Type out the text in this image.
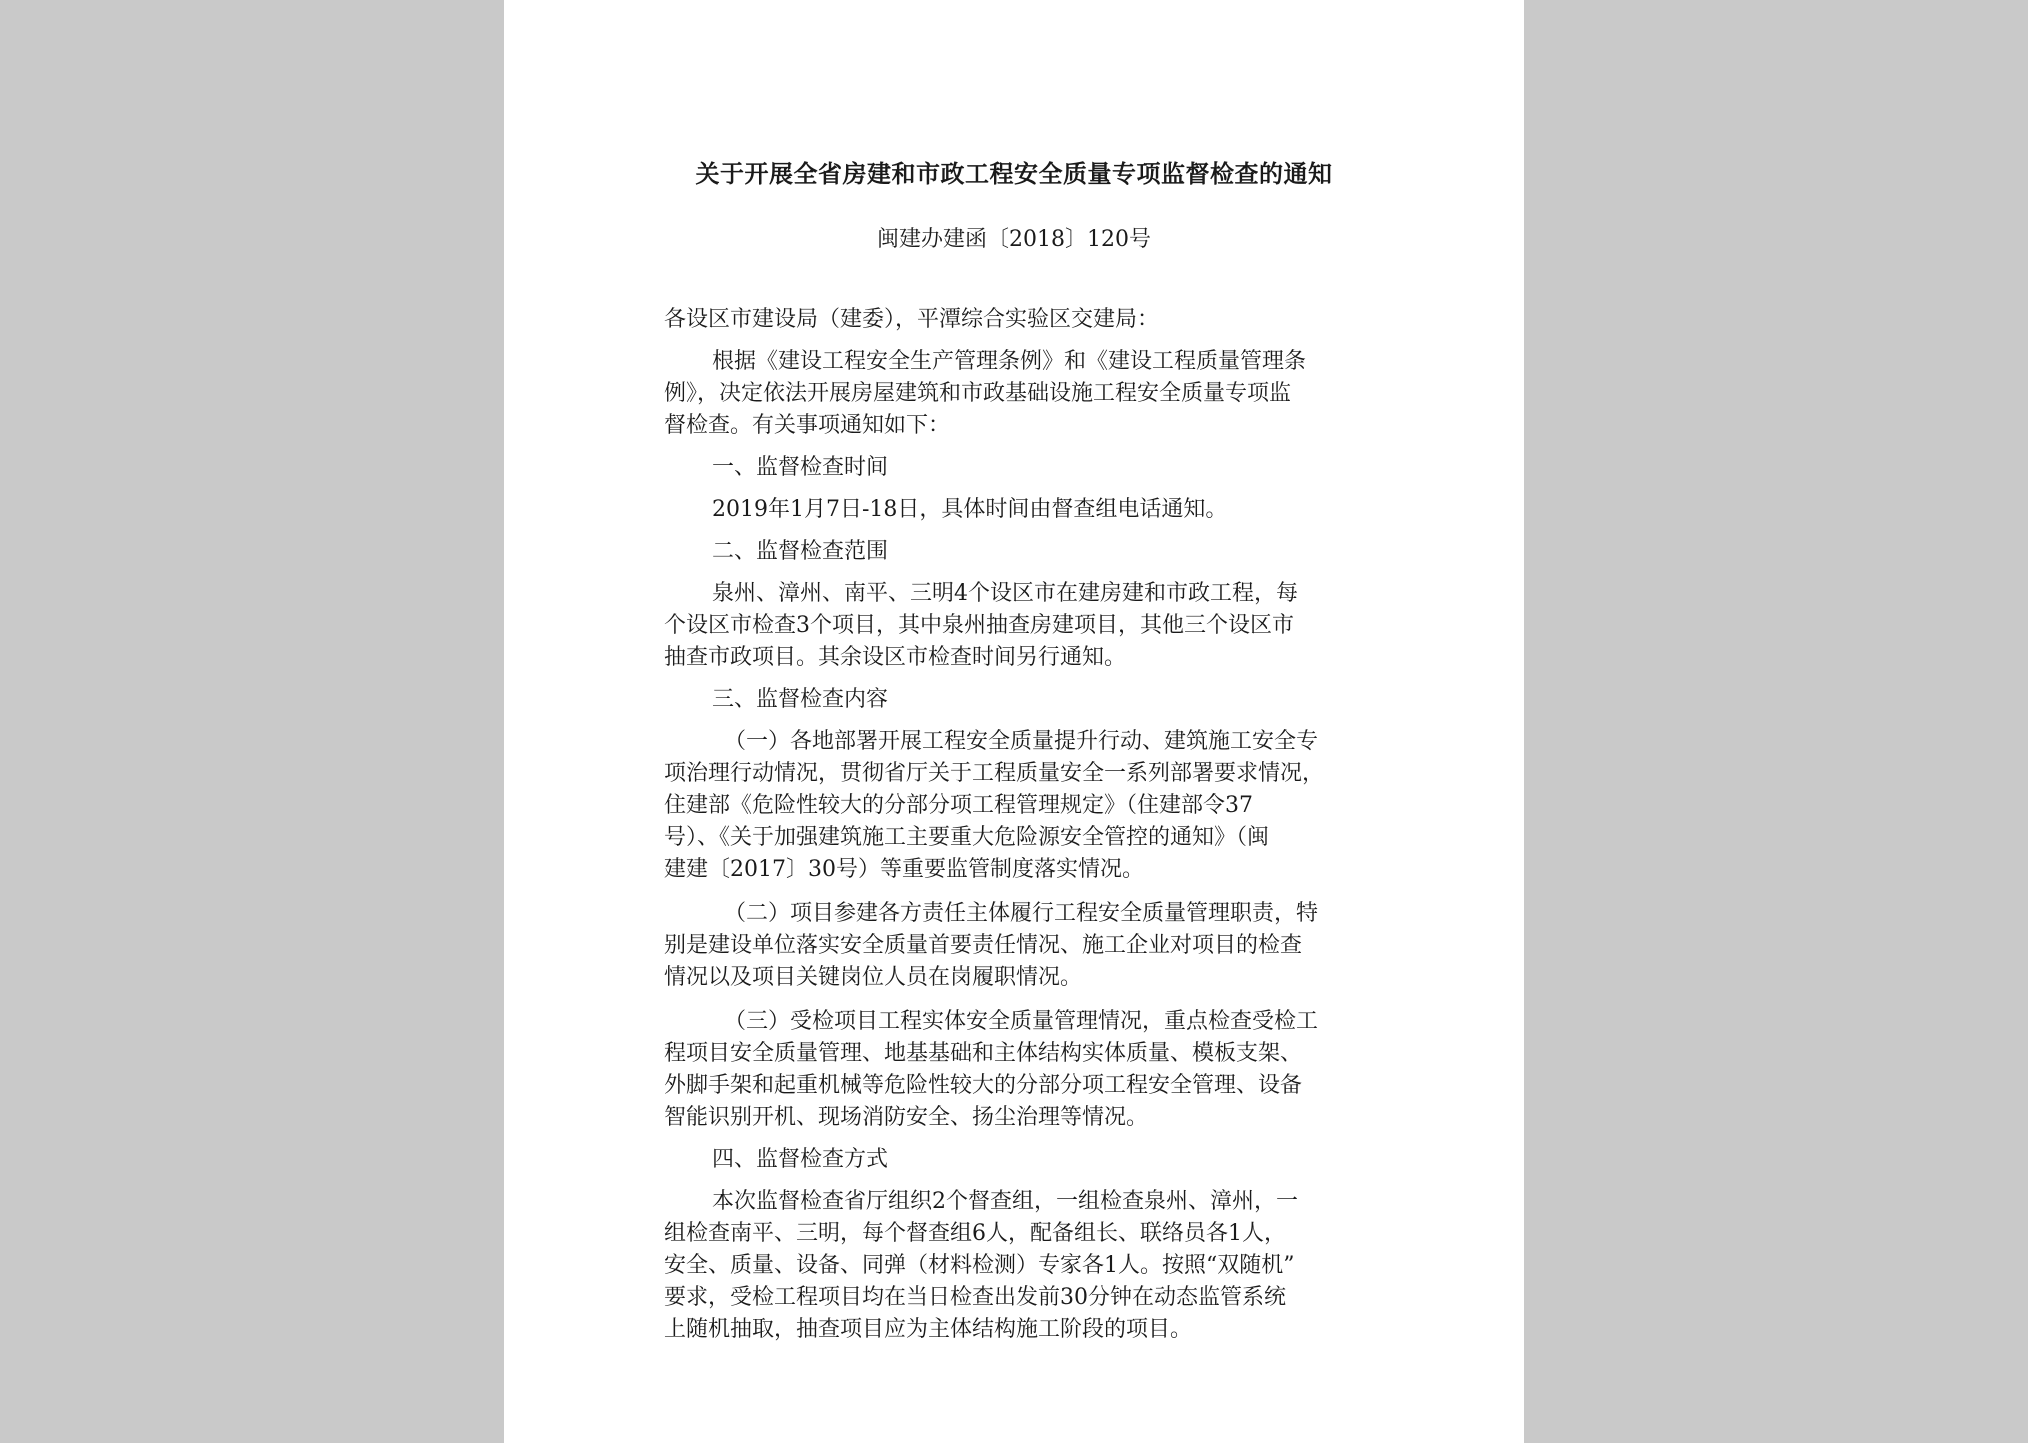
关于开展全省房建和市政工程安全质量专项监督检查的通知
闽建办建函〔2018〕120号
各设区市建设局（建委），平潭综合实验区交建局：
根据《建设工程安全生产管理条例》和《建设工程质量管理条
例》，决定依法开展房屋建筑和市政基础设施工程安全质量专项监
督检查。有关事项通知如下：
一、监督检查时间
2019年1月7日-18日，具体时间由督查组电话通知。
二、监督检查范围
泉州、漳州、南平、三明4个设区市在建房建和市政工程，每
个设区市检查3个项目，其中泉州抽查房建项目，其他三个设区市
抽查市政项目。其余设区市检查时间另行通知。
三、监督检查内容
（一）各地部署开展工程安全质量提升行动、建筑施工安全专
项治理行动情况，贯彻省厅关于工程质量安全一系列部署要求情况，
住建部《危险性较大的分部分项工程管理规定》（住建部令37
号）、《关于加强建筑施工主要重大危险源安全管控的通知》（闽
建建〔2017〕30号）等重要监管制度落实情况。
（二）项目参建各方责任主体履行工程安全质量管理职责，特
别是建设单位落实安全质量首要责任情况、施工企业对项目的检查
情况以及项目关键岗位人员在岗履职情况。
（三）受检项目工程实体安全质量管理情况，重点检查受检工
程项目安全质量管理、地基基础和主体结构实体质量、模板支架、
外脚手架和起重机械等危险性较大的分部分项工程安全管理、设备
智能识别开机、现场消防安全、扬尘治理等情况。
四、监督检查方式
本次监督检查省厅组织2个督查组，一组检查泉州、漳州，一
组检查南平、三明，每个督查组6人，配备组长、联络员各1人，
安全、质量、设备、同弹（材料检测）专家各1人。按照“双随机”
要求，受检工程项目均在当日检查出发前30分钟在动态监管系统
上随机抽取，抽查项目应为主体结构施工阶段的项目。
